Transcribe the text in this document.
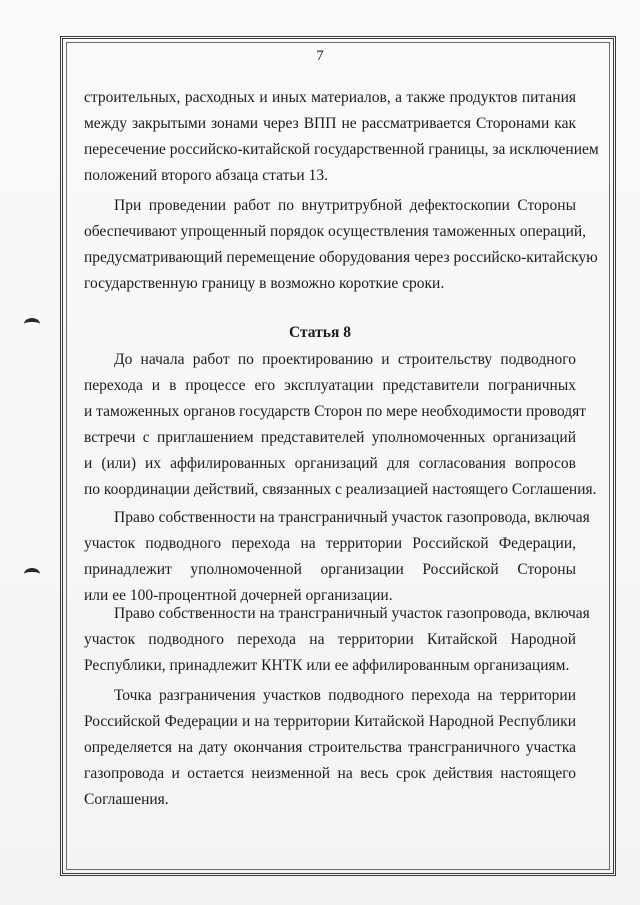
7
строительных, расходных и иных материалов, а также продуктов питания
между закрытыми зонами через ВПП не рассматривается Сторонами как
пересечение российско-китайской государственной границы, за исключением
положений второго абзаца статьи 13.
При проведении работ по внутритрубной дефектоскопии Стороны
обеспечивают упрощенный порядок осуществления таможенных операций,
предусматривающий перемещение оборудования через российско-китайскую
государственную границу в возможно короткие сроки.
Статья 8
До начала работ по проектированию и строительству подводного
перехода и в процессе его эксплуатации представители пограничных
и таможенных органов государств Сторон по мере необходимости проводят
встречи с приглашением представителей уполномоченных организаций
и (или) их аффилированных организаций для согласования вопросов
по координации действий, связанных с реализацией настоящего Соглашения.
Право собственности на трансграничный участок газопровода, включая
участок подводного перехода на территории Российской Федерации,
принадлежит уполномоченной организации Российской Стороны
или ее 100-процентной дочерней организации.
Право собственности на трансграничный участок газопровода, включая
участок подводного перехода на территории Китайской Народной
Республики, принадлежит КНТК или ее аффилированным организациям.
Точка разграничения участков подводного перехода на территории
Российской Федерации и на территории Китайской Народной Республики
определяется на дату окончания строительства трансграничного участка
газопровода и остается неизменной на весь срок действия настоящего
Соглашения.
